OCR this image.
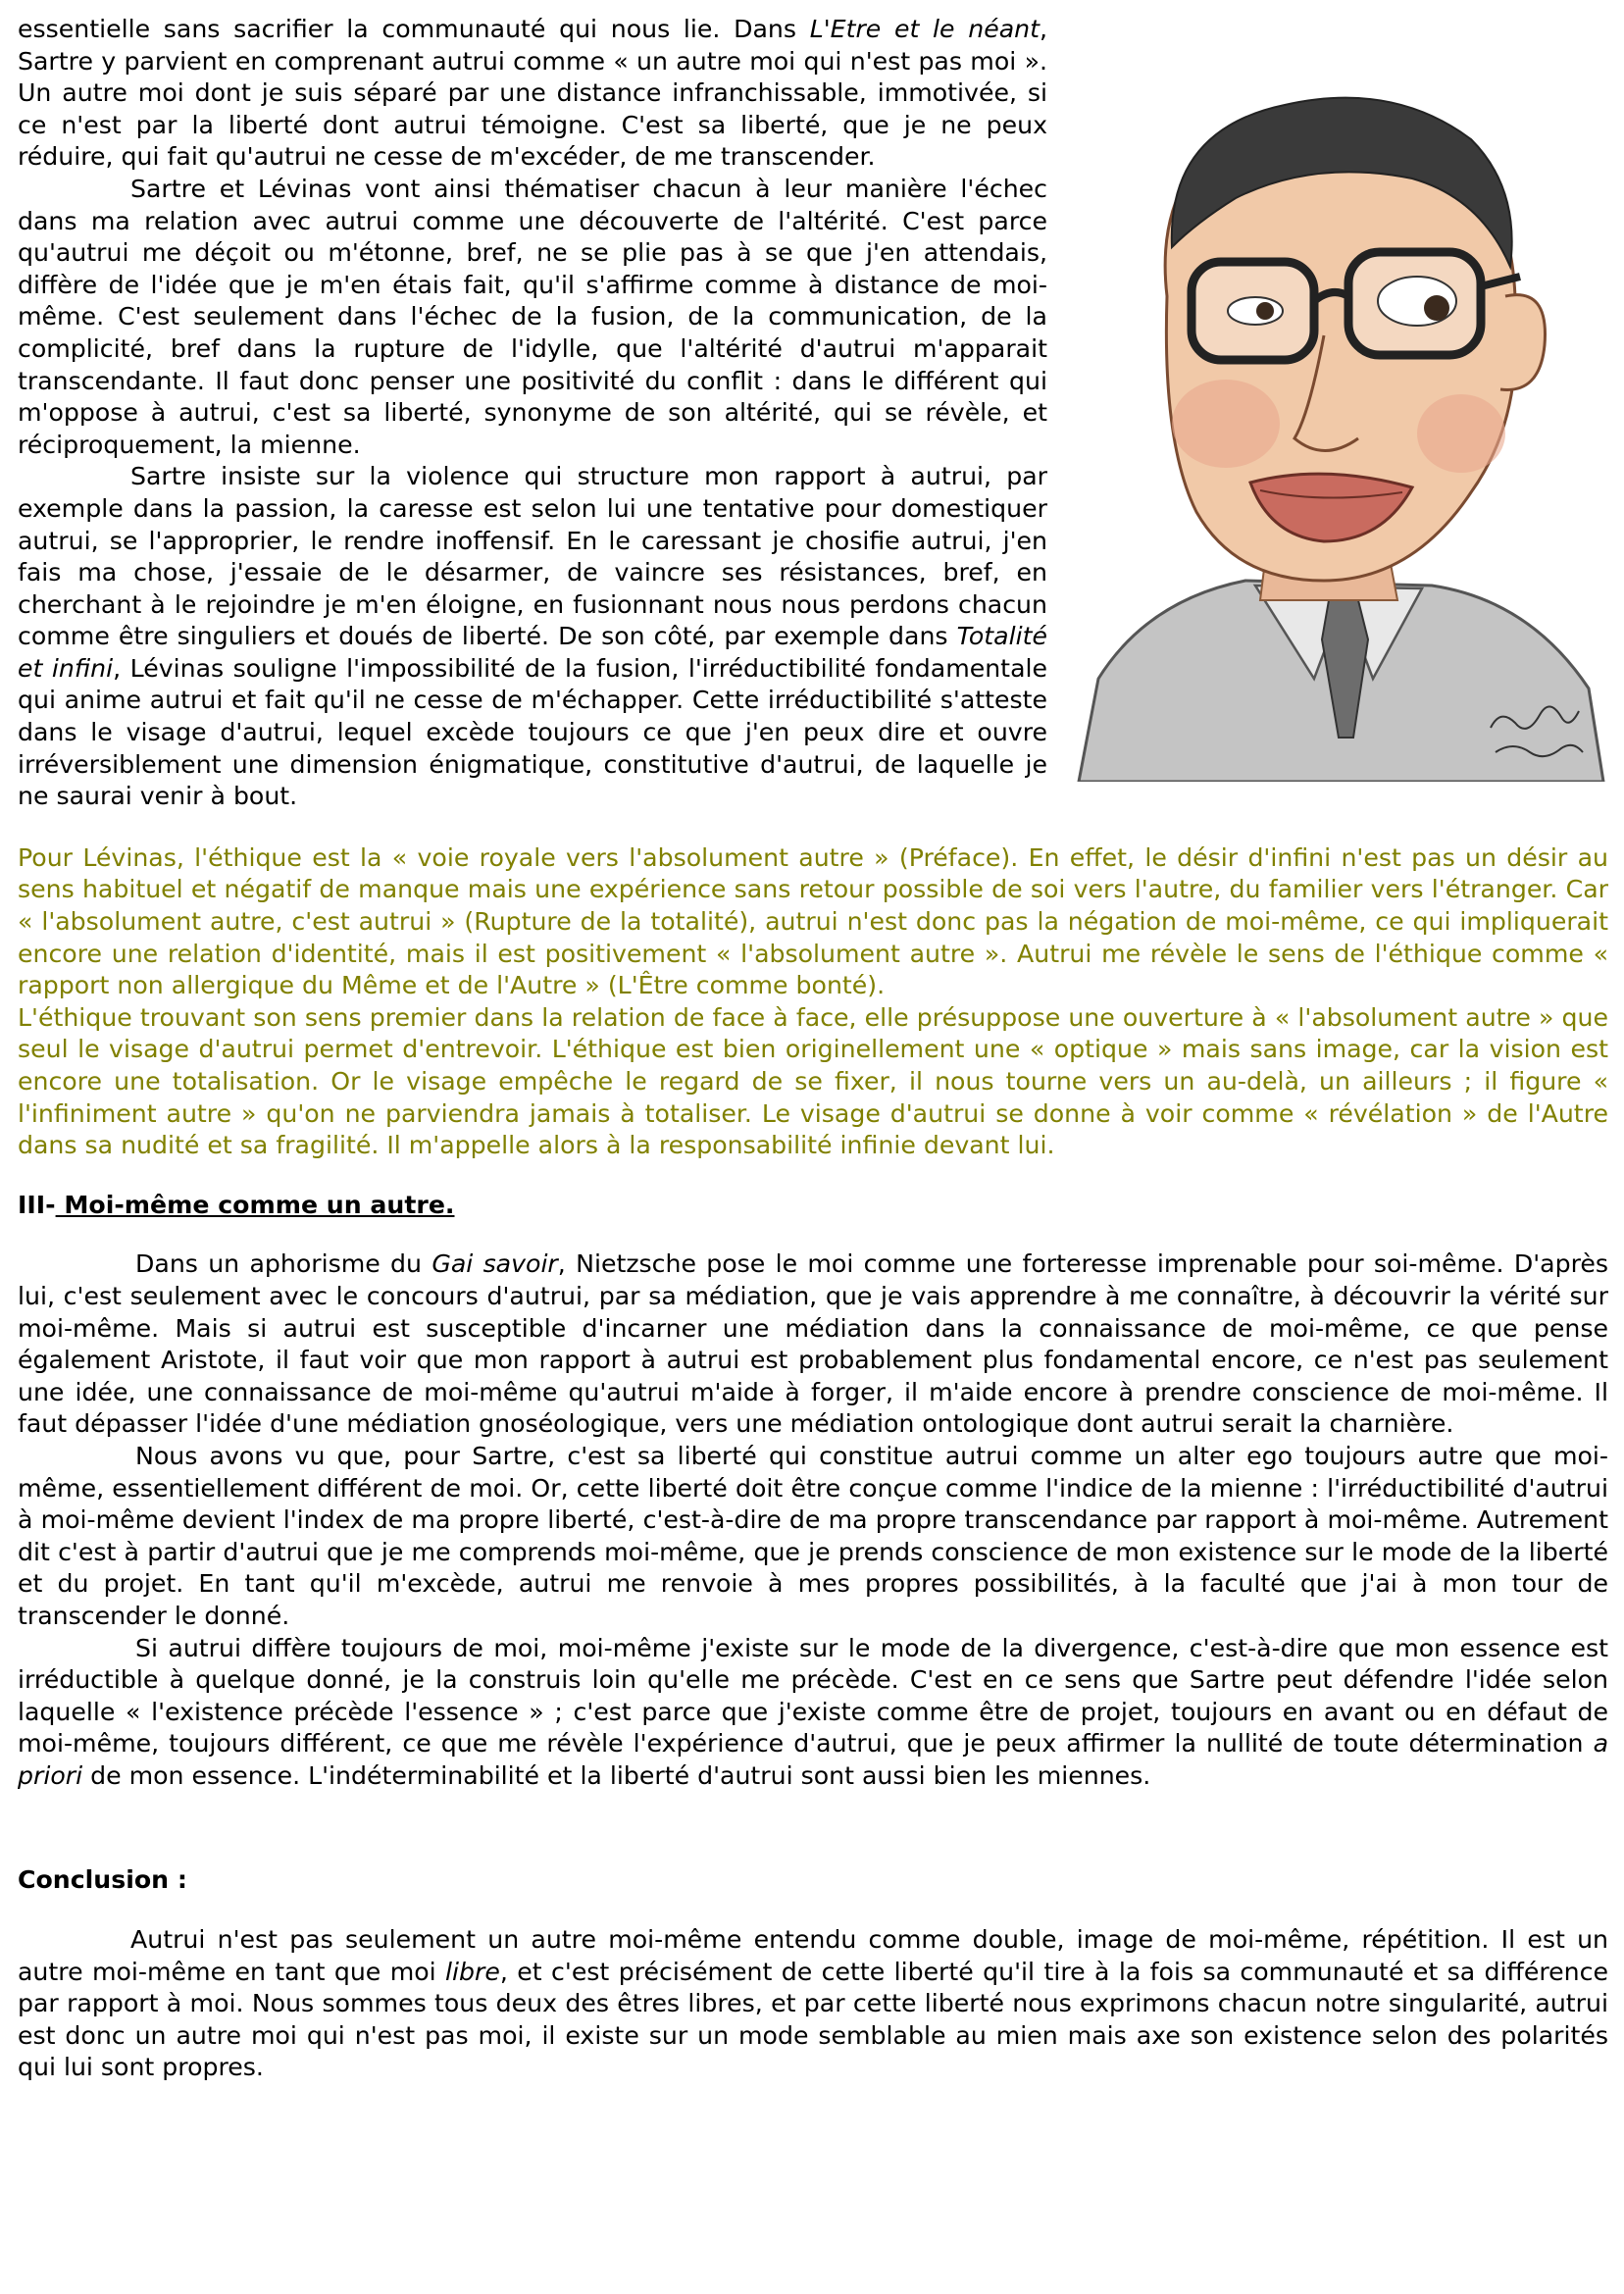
essentielle sans sacrifier la communauté qui nous lie. Dans L'Etre et le néant, Sartre y parvient en comprenant autrui comme « un autre moi qui n'est pas moi ». Un autre moi dont je suis séparé par une distance infranchissable, immotivée, si ce n'est par la liberté dont autrui témoigne. C'est sa liberté, que je ne peux réduire, qui fait qu'autrui ne cesse de m'excéder, de me transcender.

Sartre et Lévinas vont ainsi thématiser chacun à leur manière l'échec dans ma relation avec autrui comme une découverte de l'altérité. C'est parce qu'autrui me déçoit ou m'étonne, bref, ne se plie pas à se que j'en attendais, diffère de l'idée que je m'en étais fait, qu'il s'affirme comme à distance de moi-même. C'est seulement dans l'échec de la fusion, de la communication, de la complicité, bref dans la rupture de l'idylle, que l'altérité d'autrui m'apparait transcendante. Il faut donc penser une positivité du conflit : dans le différent qui m'oppose à autrui, c'est sa liberté, synonyme de son altérité, qui se révèle, et réciproquement, la mienne.

Sartre insiste sur la violence qui structure mon rapport à autrui, par exemple dans la passion, la caresse est selon lui une tentative pour domestiquer autrui, se l'approprier, le rendre inoffensif. En le caressant je chosifie autrui, j'en fais ma chose, j'essaie de le désarmer, de vaincre ses résistances, bref, en cherchant à le rejoindre je m'en éloigne, en fusionnant nous nous perdons chacun comme être singuliers et doués de liberté. De son côté, par exemple dans Totalité et infini, Lévinas souligne l'impossibilité de la fusion, l'irréductibilité fondamentale qui anime autrui et fait qu'il ne cesse de m'échapper. Cette irréductibilité s'atteste dans le visage d'autrui, lequel excède toujours ce que j'en peux dire et ouvre irréversiblement une dimension énigmatique, constitutive d'autrui, de laquelle je ne saurai venir à bout.

Pour Lévinas, l'éthique est la « voie royale vers l'absolument autre » (Préface). En effet, le désir d'infini n'est pas un désir au sens habituel et négatif de manque mais une expérience sans retour possible de soi vers l'autre, du familier vers l'étranger. Car « l'absolument autre, c'est autrui » (Rupture de la totalité), autrui n'est donc pas la négation de moi-même, ce qui impliquerait encore une relation d'identité, mais il est positivement « l'absolument autre ». Autrui me révèle le sens de l'éthique comme « rapport non allergique du Même et de l'Autre » (L'Être comme bonté).

L'éthique trouvant son sens premier dans la relation de face à face, elle présuppose une ouverture à « l'absolument autre » que seul le visage d'autrui permet d'entrevoir. L'éthique est bien originellement une « optique » mais sans image, car la vision est encore une totalisation. Or le visage empêche le regard de se fixer, il nous tourne vers un au-delà, un ailleurs ; il figure « l'infiniment autre » qu'on ne parviendra jamais à totaliser. Le visage d'autrui se donne à voir comme « révélation » de l'Autre dans sa nudité et sa fragilité. Il m'appelle alors à la responsabilité infinie devant lui.

III- Moi-même comme un autre.

Dans un aphorisme du Gai savoir, Nietzsche pose le moi comme une forteresse imprenable pour soi-même. D'après lui, c'est seulement avec le concours d'autrui, par sa médiation, que je vais apprendre à me connaître, à découvrir la vérité sur moi-même. Mais si autrui est susceptible d'incarner une médiation dans la connaissance de moi-même, ce que pense également Aristote, il faut voir que mon rapport à autrui est probablement plus fondamental encore, ce n'est pas seulement une idée, une connaissance de moi-même qu'autrui m'aide à forger, il m'aide encore à prendre conscience de moi-même. Il faut dépasser l'idée d'une médiation gnoséologique, vers une médiation ontologique dont autrui serait la charnière.

Nous avons vu que, pour Sartre, c'est sa liberté qui constitue autrui comme un alter ego toujours autre que moi-même, essentiellement différent de moi. Or, cette liberté doit être conçue comme l'indice de la mienne : l'irréductibilité d'autrui à moi-même devient l'index de ma propre liberté, c'est-à-dire de ma propre transcendance par rapport à moi-même. Autrement dit c'est à partir d'autrui que je me comprends moi-même, que je prends conscience de mon existence sur le mode de la liberté et du projet. En tant qu'il m'excède, autrui me renvoie à mes propres possibilités, à la faculté que j'ai à mon tour de transcender le donné.

Si autrui diffère toujours de moi, moi-même j'existe sur le mode de la divergence, c'est-à-dire que mon essence est irréductible à quelque donné, je la construis loin qu'elle me précède. C'est en ce sens que Sartre peut défendre l'idée selon laquelle « l'existence précède l'essence » ; c'est parce que j'existe comme être de projet, toujours en avant ou en défaut de moi-même, toujours différent, ce que me révèle l'expérience d'autrui, que je peux affirmer la nullité de toute détermination a priori de mon essence. L'indéterminabilité et la liberté d'autrui sont aussi bien les miennes.

Conclusion :

Autrui n'est pas seulement un autre moi-même entendu comme double, image de moi-même, répétition. Il est un autre moi-même en tant que moi libre, et c'est précisément de cette liberté qu'il tire à la fois sa communauté et sa différence par rapport à moi. Nous sommes tous deux des êtres libres, et par cette liberté nous exprimons chacun notre singularité, autrui est donc un autre moi qui n'est pas moi, il existe sur un mode semblable au mien mais axe son existence selon des polarités qui lui sont propres.
